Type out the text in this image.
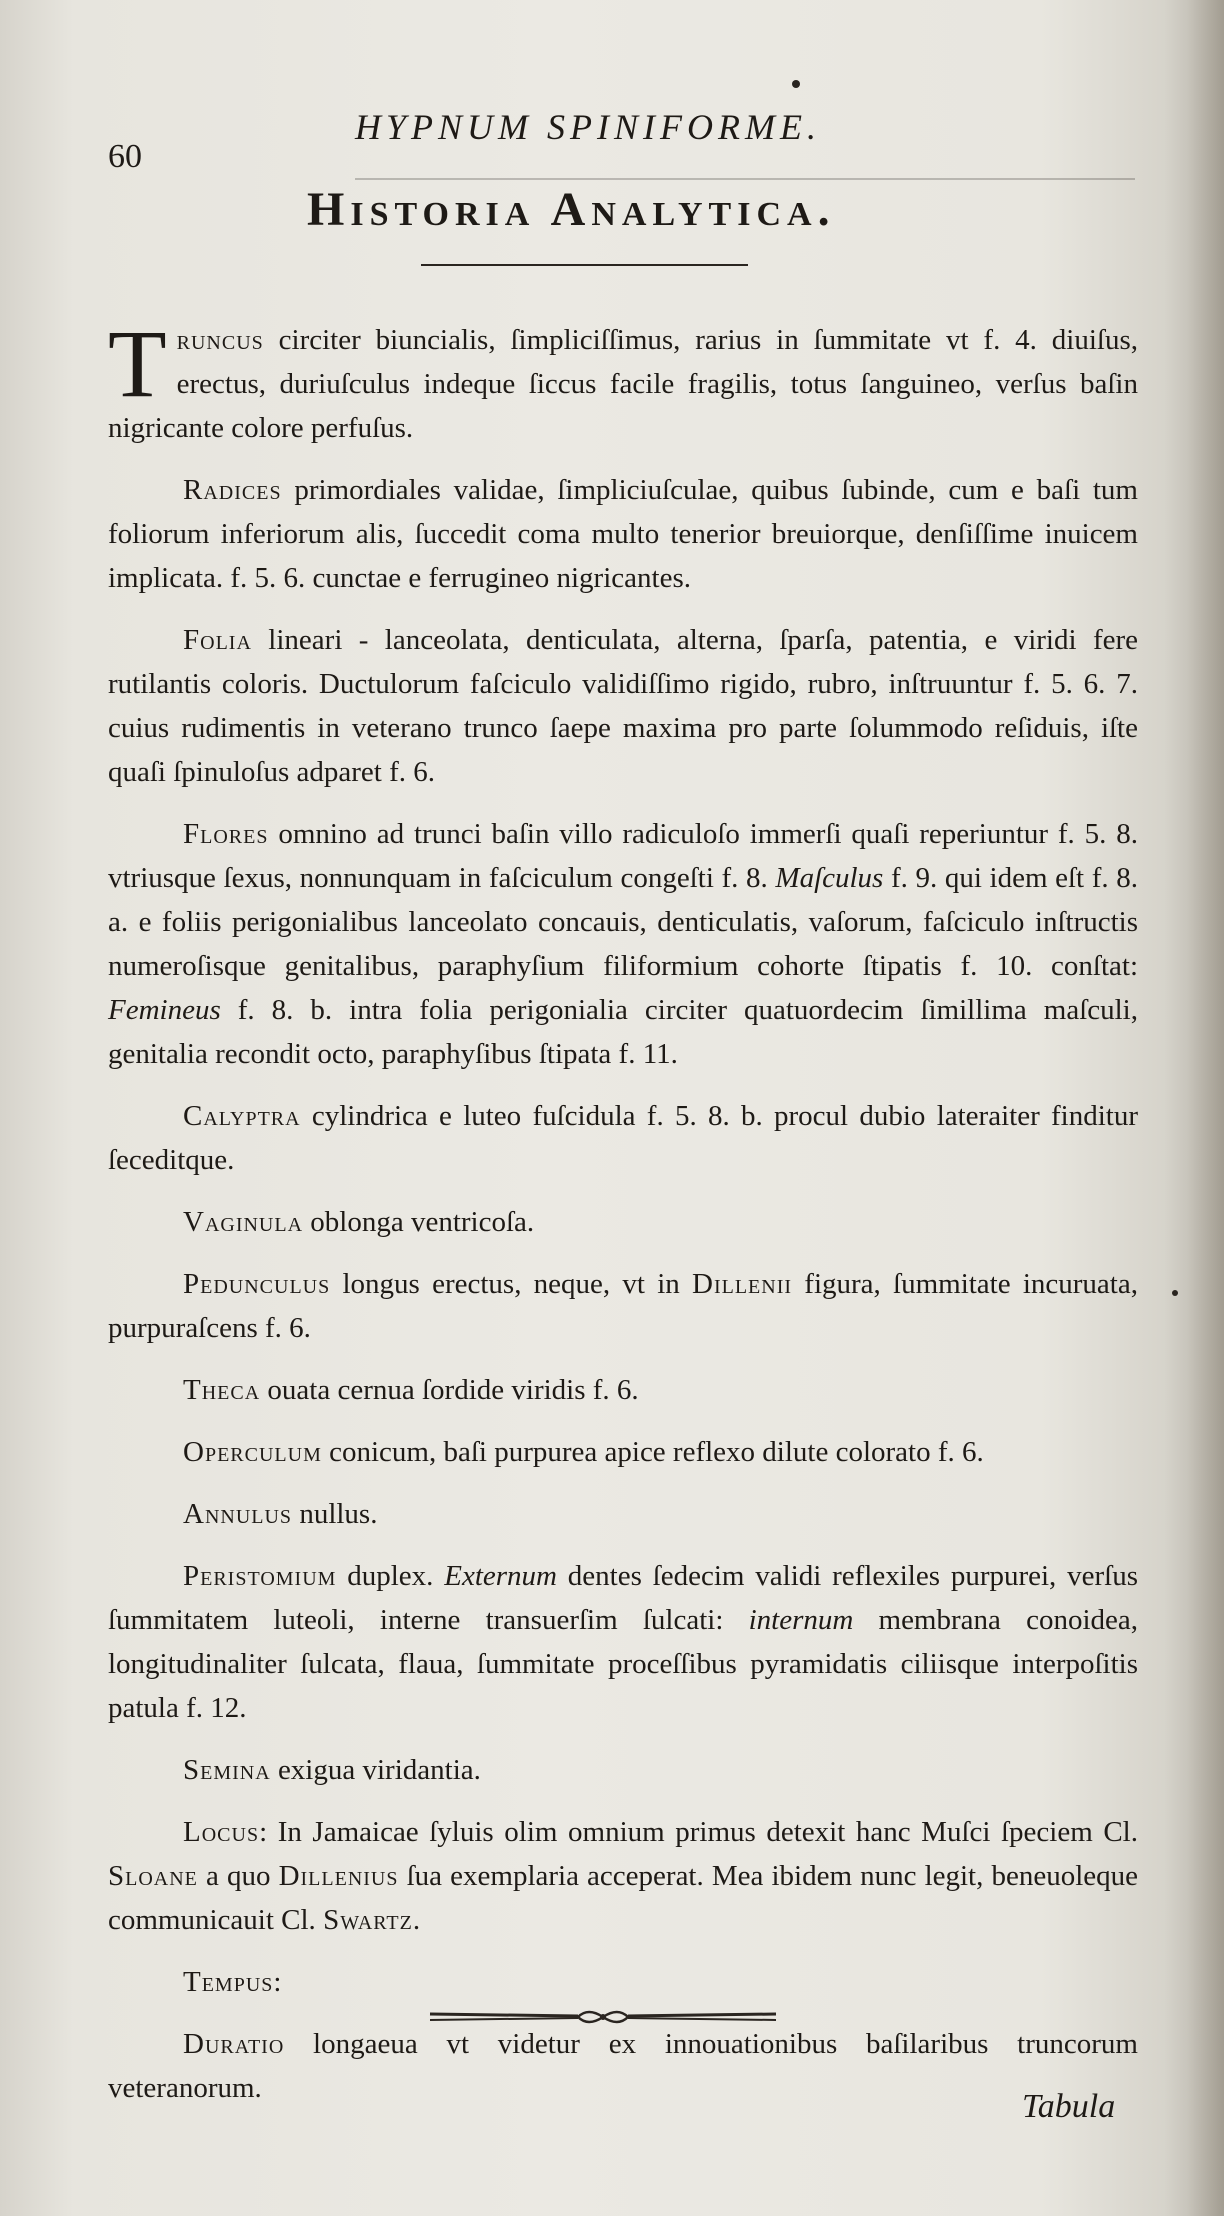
60
HYPNUM SPINIFORME.
Historia Analytica.

Truncus circiter biuncialis, ſimpliciſſimus, rarius in ſummitate vt f. 4. diuiſus, erectus, duriuſculus indeque ſiccus facile fragilis, totus ſanguineo, verſus baſin nigricante colore perfuſus.

Radices primordiales validae, ſimpliciuſculae, quibus ſubinde, cum e baſi tum foliorum inferiorum alis, ſuccedit coma multo tenerior breuiorque, denſiſſime inuicem implicata. f. 5. 6. cunctae e ferrugineo nigricantes.

Folia lineari - lanceolata, denticulata, alterna, ſparſa, patentia, e viridi fere rutilantis coloris. Ductulorum faſciculo validiſſimo rigido, rubro, inſtruuntur f. 5. 6. 7. cuius rudimentis in veterano trunco ſaepe maxima pro parte ſolummodo reſiduis, iſte quaſi ſpinuloſus adparet f. 6.

Flores omnino ad trunci baſin villo radiculoſo immerſi quaſi reperiuntur f. 5. 8. vtriusque ſexus, nonnunquam in faſciculum congeſti f. 8. Maſculus f. 9. qui idem eſt f. 8. a. e foliis perigonialibus lanceolato concauis, denticulatis, vaſorum, faſciculo inſtructis numeroſisque genitalibus, paraphyſium filiformium cohorte ſtipatis f. 10. conſtat: Femineus f. 8. b. intra folia perigonialia circiter quatuordecim ſimillima maſculi, genitalia recondit octo, paraphyſibus ſtipata f. 11.

Calyptra cylindrica e luteo fuſcidula f. 5. 8. b. procul dubio lateraiter finditur ſeceditque.

Vaginula oblonga ventricoſa.

Pedunculus longus erectus, neque, vt in Dillenii figura, ſummitate incuruata, purpuraſcens f. 6.

Theca ouata cernua ſordide viridis f. 6.

Operculum conicum, baſi purpurea apice reflexo dilute colorato f. 6.

Annulus nullus.

Peristomium duplex. Externum dentes ſedecim validi reflexiles purpurei, verſus ſummitatem luteoli, interne transuerſim ſulcati: internum membrana conoidea, longitudinaliter ſulcata, flaua, ſummitate proceſſibus pyramidatis ciliisque interpoſitis patula f. 12.

Semina exigua viridantia.

Locus: In Jamaicae ſyluis olim omnium primus detexit hanc Muſci ſpeciem Cl. Sloane a quo Dillenius ſua exemplaria acceperat. Mea ibidem nunc legit, beneuoleque communicauit Cl. Swartz.

Tempus:

Duratio longaeua vt videtur ex innouationibus baſilaribus truncorum veteranorum.	Tabula
